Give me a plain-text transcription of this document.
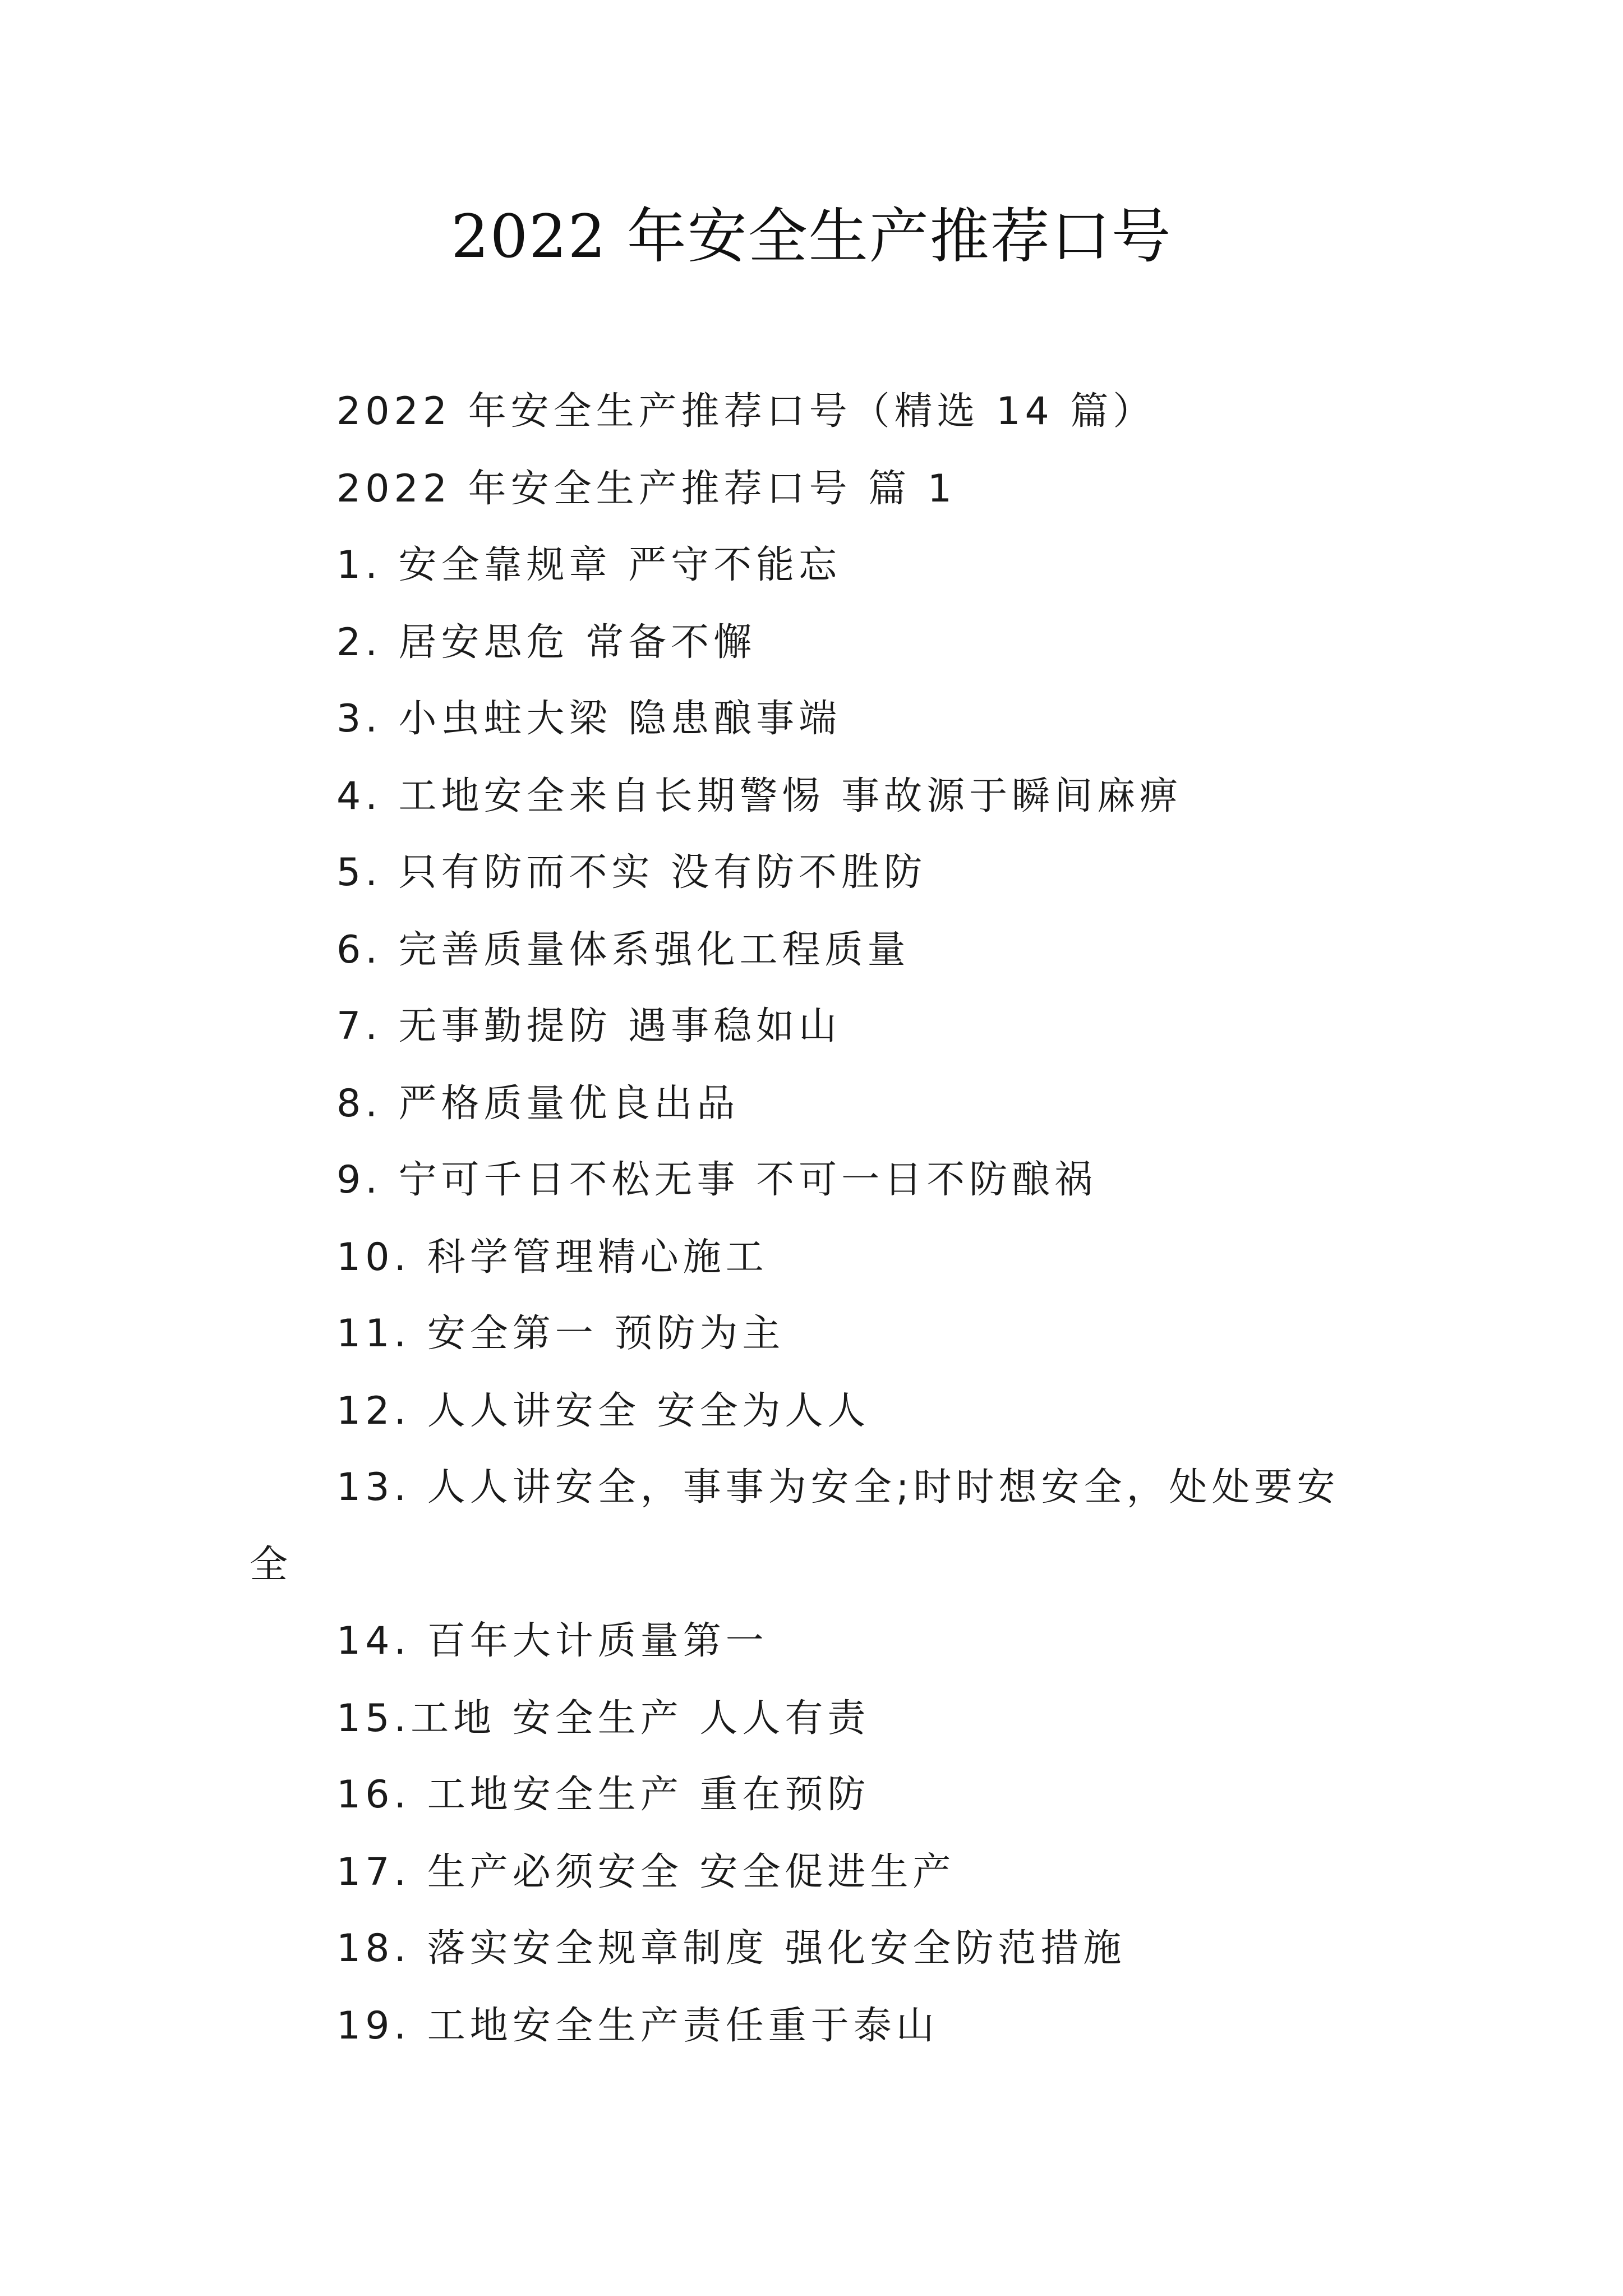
2022 年安全生产推荐口号
2022 年安全生产推荐口号（精选 14 篇）
2022 年安全生产推荐口号 篇 1
1. 安全靠规章 严守不能忘
2. 居安思危 常备不懈
3. 小虫蛀大梁 隐患酿事端
4. 工地安全来自长期警惕 事故源于瞬间麻痹
5. 只有防而不实 没有防不胜防
6. 完善质量体系强化工程质量
7. 无事勤提防 遇事稳如山
8. 严格质量优良出品
9. 宁可千日不松无事 不可一日不防酿祸
10. 科学管理精心施工
11. 安全第一 预防为主
12. 人人讲安全 安全为人人
13. 人人讲安全，事事为安全;时时想安全，处处要安
全
14. 百年大计质量第一
15.工地 安全生产 人人有责
16. 工地安全生产 重在预防
17. 生产必须安全 安全促进生产
18. 落实安全规章制度 强化安全防范措施
19. 工地安全生产责任重于泰山
